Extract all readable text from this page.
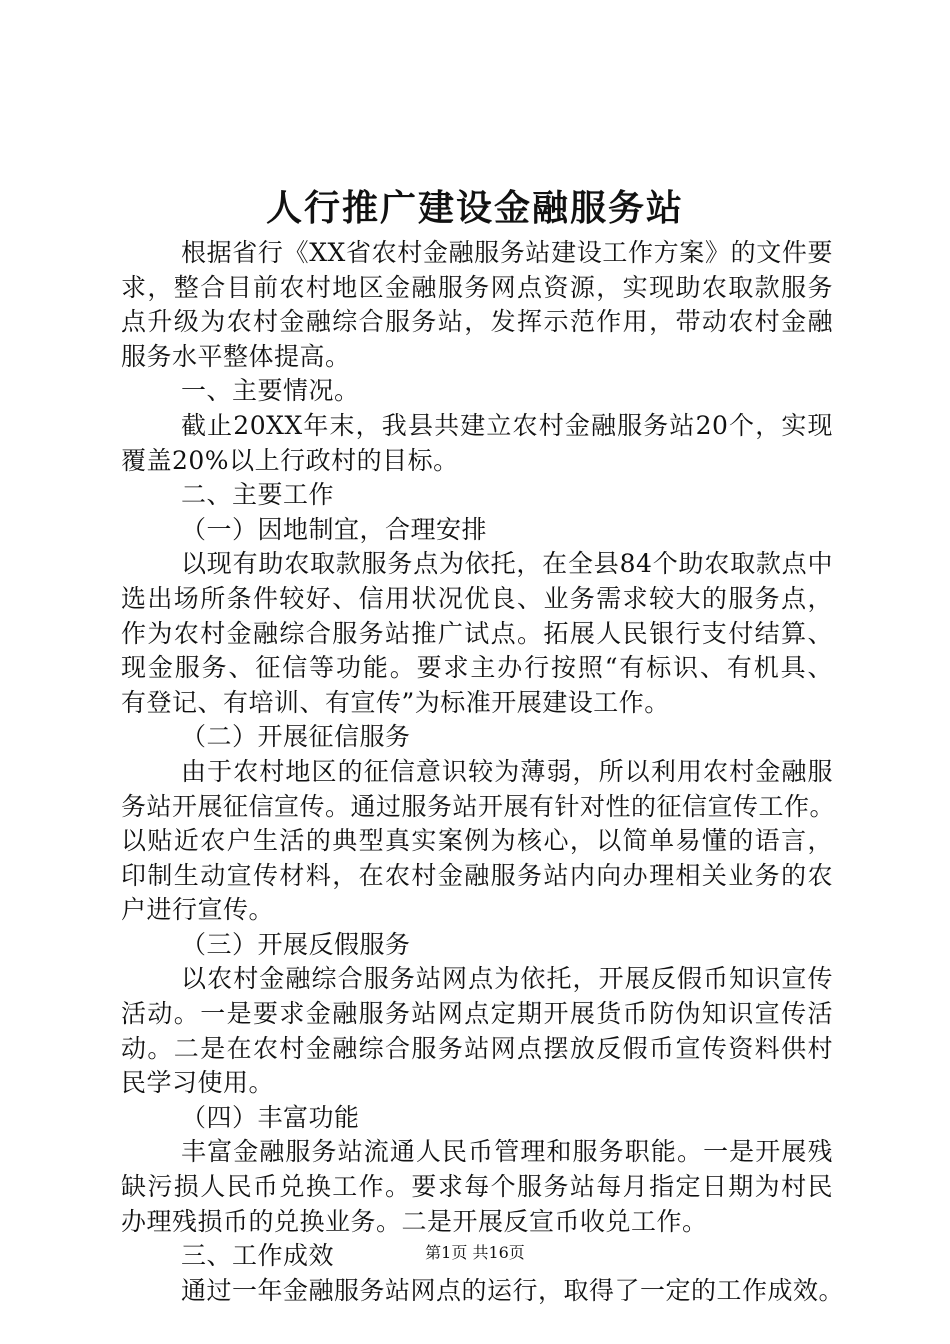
人行推广建设金融服务站
根据省行《XX省农村金融服务站建设工作方案》的文件要
求，整合目前农村地区金融服务网点资源，实现助农取款服务
点升级为农村金融综合服务站，发挥示范作用，带动农村金融
服务水平整体提高。
一、主要情况。
截止20XX年末，我县共建立农村金融服务站20个，实现
覆盖20%以上行政村的目标。
二、主要工作
（一）因地制宜，合理安排
以现有助农取款服务点为依托，在全县84个助农取款点中
选出场所条件较好、信用状况优良、业务需求较大的服务点，
作为农村金融综合服务站推广试点。拓展人民银行支付结算、
现金服务、征信等功能。要求主办行按照“有标识、有机具、
有登记、有培训、有宣传”为标准开展建设工作。
（二）开展征信服务
由于农村地区的征信意识较为薄弱，所以利用农村金融服
务站开展征信宣传。通过服务站开展有针对性的征信宣传工作。
以贴近农户生活的典型真实案例为核心，以简单易懂的语言，
印制生动宣传材料，在农村金融服务站内向办理相关业务的农
户进行宣传。
（三）开展反假服务
以农村金融综合服务站网点为依托，开展反假币知识宣传
活动。一是要求金融服务站网点定期开展货币防伪知识宣传活
动。二是在农村金融综合服务站网点摆放反假币宣传资料供村
民学习使用。
（四）丰富功能
丰富金融服务站流通人民币管理和服务职能。一是开展残
缺污损人民币兑换工作。要求每个服务站每月指定日期为村民
办理残损币的兑换业务。二是开展反宣币收兑工作。
三、工作成效
通过一年金融服务站网点的运行，取得了一定的工作成效。
第1页 共16页
